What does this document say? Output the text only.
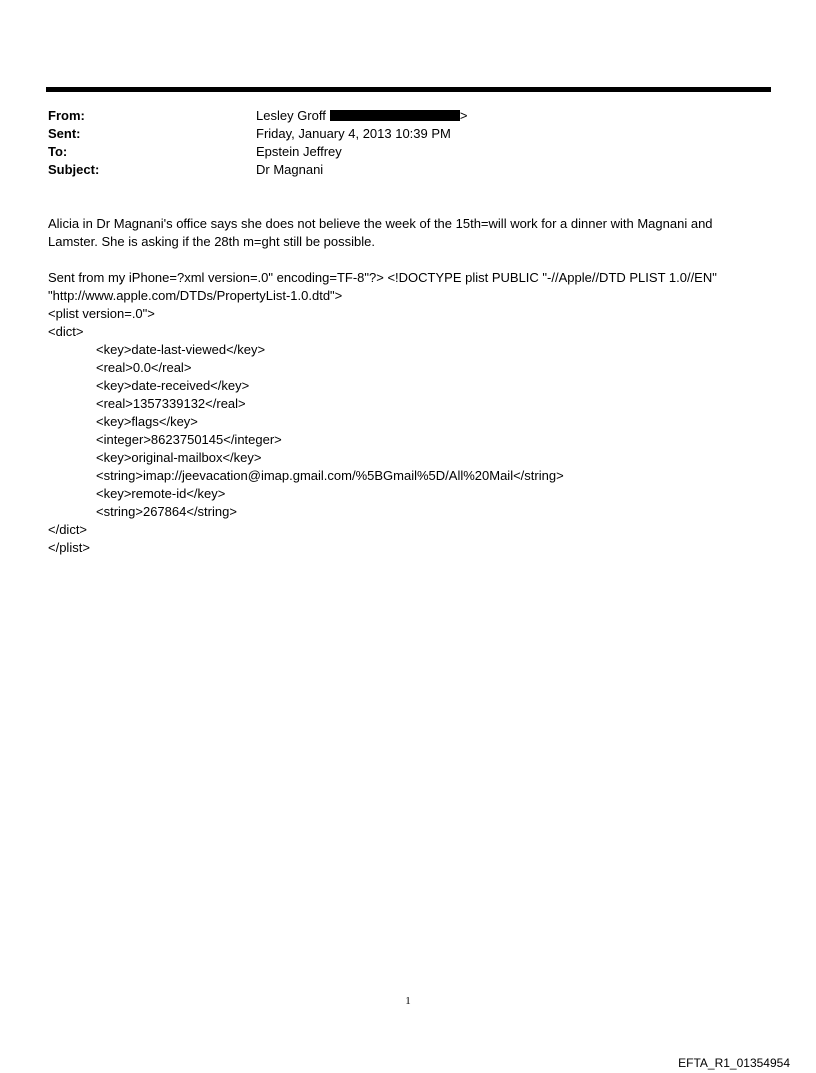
From:	Lesley Groff	>
Sent:	Friday, January 4, 2013 10:39 PM
To:	Epstein Jeffrey
Subject:	Dr Magnani

Alicia in Dr Magnani's office says she does not believe the week of the 15th=will work for a dinner with Magnani and

Lamster. She is asking if the 28th m=ght still be possible.

Sent from my iPhone=?xml version=.0" encoding=TF-8"?> <!DOCTYPE plist PUBLIC "-//Apple//DTD PLIST 1.0//EN"

"http://www.apple.com/DTDs/PropertyList-1.0.dtd">

<plist version=.0">

<dict>

<key>date-last-viewed</key>

<real>0.0</real>

<key>date-received</key>

<real>1357339132</real>

<key>flags</key>

<integer>8623750145</integer>

<key>original-mailbox</key>

<string>imap://jeevacation@imap.gmail.com/%5BGmail%5D/All%20Mail</string>

<key>remote-id</key>

<string>267864</string>

</dict>

</plist>

1
EFTA_R1_01354954
